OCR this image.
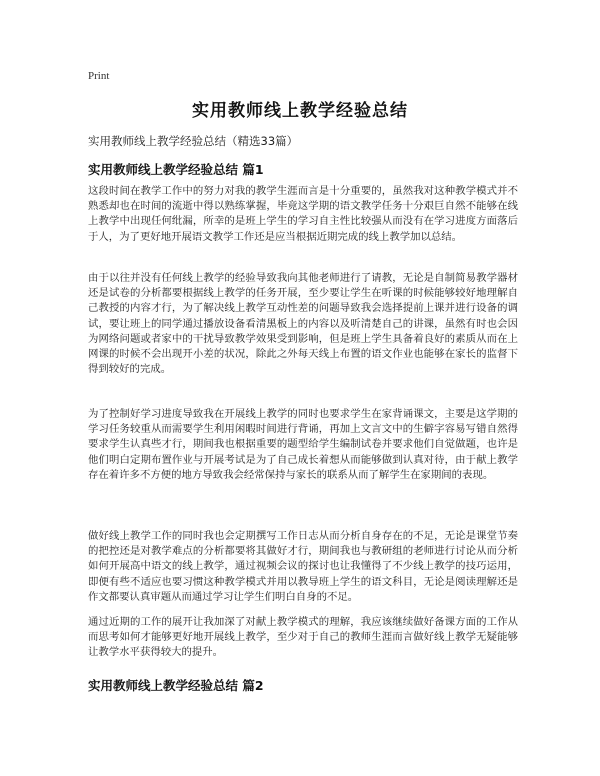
Print
实用教师线上教学经验总结
实用教师线上教学经验总结（精选33篇）
实用教师线上教学经验总结 篇1
这段时间在教学工作中的努力对我的教学生涯而言是十分重要的，虽然我对这种教学模式并不熟悉却也在时间的流逝中得以熟练掌握，毕竟这学期的语文教学任务十分艰巨自然不能够在线上教学中出现任何纰漏，所幸的是班上学生的学习自主性比较强从而没有在学习进度方面落后于人，为了更好地开展语文教学工作还是应当根据近期完成的线上教学加以总结。
由于以往并没有任何线上教学的经验导致我向其他老师进行了请教，无论是自制简易教学器材还是试卷的分析都要根据线上教学的任务开展，至少要让学生在听课的时候能够较好地理解自己教授的内容才行，为了解决线上教学互动性差的问题导致我会选择提前上课并进行设备的调试，要让班上的同学通过播放设备看清黑板上的内容以及听清楚自己的讲课，虽然有时也会因为网络问题或者家中的干扰导致教学效果受到影响，但是班上学生具备着良好的素质从而在上网课的时候不会出现开小差的状况，除此之外每天线上布置的语文作业也能够在家长的监督下得到较好的完成。
为了控制好学习进度导致我在开展线上教学的同时也要求学生在家背诵课文，主要是这学期的学习任务较重从而需要学生利用闲暇时间进行背诵，再加上文言文中的生僻字容易写错自然得要求学生认真些才行，期间我也根据重要的题型给学生编制试卷并要求他们自觉做题，也许是他们明白定期布置作业与开展考试是为了自己成长着想从而能够做到认真对待，由于献上教学存在着许多不方便的地方导致我会经常保持与家长的联系从而了解学生在家期间的表现。
做好线上教学工作的同时我也会定期撰写工作日志从而分析自身存在的不足，无论是课堂节奏的把控还是对教学难点的分析都要将其做好才行，期间我也与教研组的老师进行讨论从而分析如何开展高中语文的线上教学，通过视频会议的探讨也让我懂得了不少线上教学的技巧运用，即便有些不适应也要习惯这种教学模式并用以教导班上学生的语文科目，无论是阅读理解还是作文都要认真审题从而通过学习让学生们明白自身的不足。
通过近期的工作的展开让我加深了对献上教学模式的理解，我应该继续做好备课方面的工作从而思考如何才能够更好地开展线上教学，至少对于自己的教师生涯而言做好线上教学无疑能够让教学水平获得较大的提升。
实用教师线上教学经验总结 篇2
